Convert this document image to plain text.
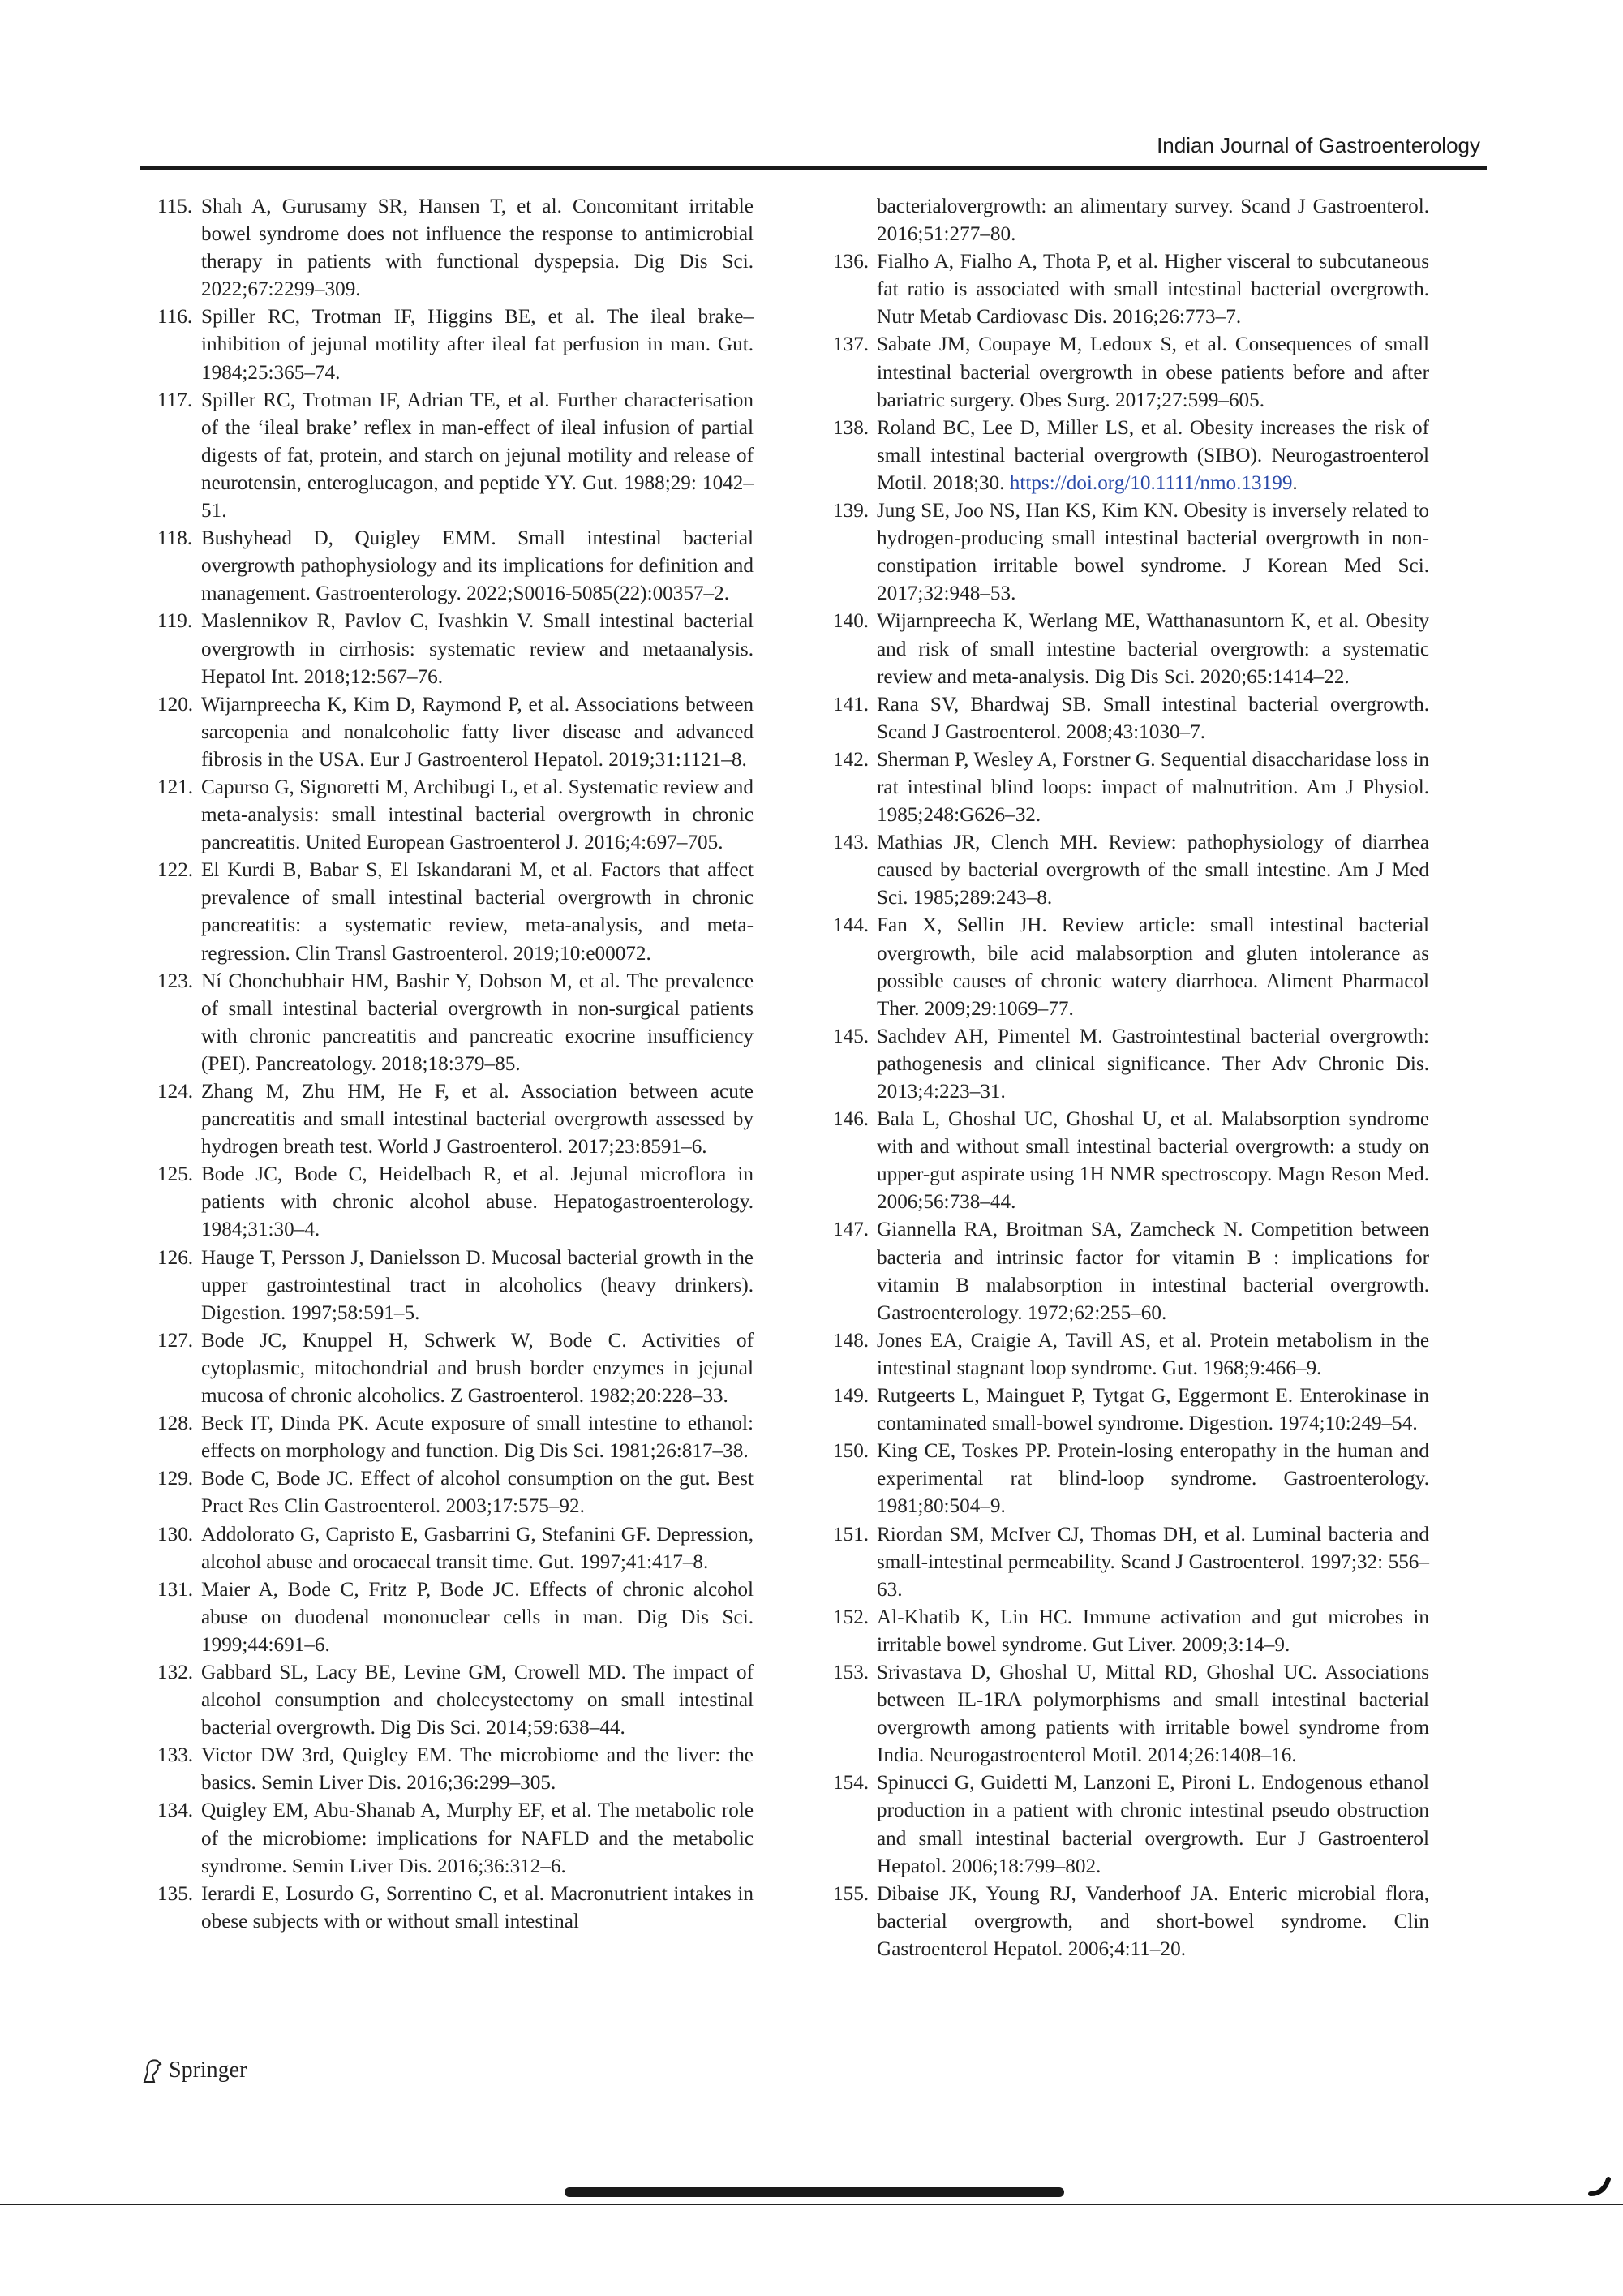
Indian Journal of Gastroenterology
115. Shah A, Gurusamy SR, Hansen T, et al. Concomitant irritable bowel syndrome does not influence the response to antimicrobial therapy in patients with functional dyspepsia. Dig Dis Sci. 2022;67:2299–309.
116. Spiller RC, Trotman IF, Higgins BE, et al. The ileal brake–inhibition of jejunal motility after ileal fat perfusion in man. Gut. 1984;25:365–74.
117. Spiller RC, Trotman IF, Adrian TE, et al. Further characterisation of the ‘ileal brake’ reflex in man-effect of ileal infusion of partial digests of fat, protein, and starch on jejunal motility and release of neurotensin, enteroglucagon, and peptide YY. Gut. 1988;29: 1042–51.
118. Bushyhead D, Quigley EMM. Small intestinal bacterial overgrowth pathophysiology and its implications for definition and management. Gastroenterology. 2022;S0016-5085(22):00357–2.
119. Maslennikov R, Pavlov C, Ivashkin V. Small intestinal bacterial overgrowth in cirrhosis: systematic review and metaanalysis. Hepatol Int. 2018;12:567–76.
120. Wijarnpreecha K, Kim D, Raymond P, et al. Associations between sarcopenia and nonalcoholic fatty liver disease and advanced fibrosis in the USA. Eur J Gastroenterol Hepatol. 2019;31:1121–8.
121. Capurso G, Signoretti M, Archibugi L, et al. Systematic review and meta-analysis: small intestinal bacterial overgrowth in chronic pancreatitis. United European Gastroenterol J. 2016;4:697–705.
122. El Kurdi B, Babar S, El Iskandarani M, et al. Factors that affect prevalence of small intestinal bacterial overgrowth in chronic pancreatitis: a systematic review, meta-analysis, and meta-regression. Clin Transl Gastroenterol. 2019;10:e00072.
123. Ní Chonchubhair HM, Bashir Y, Dobson M, et al. The prevalence of small intestinal bacterial overgrowth in non-surgical patients with chronic pancreatitis and pancreatic exocrine insufficiency (PEI). Pancreatology. 2018;18:379–85.
124. Zhang M, Zhu HM, He F, et al. Association between acute pancreatitis and small intestinal bacterial overgrowth assessed by hydrogen breath test. World J Gastroenterol. 2017;23:8591–6.
125. Bode JC, Bode C, Heidelbach R, et al. Jejunal microflora in patients with chronic alcohol abuse. Hepatogastroenterology. 1984;31:30–4.
126. Hauge T, Persson J, Danielsson D. Mucosal bacterial growth in the upper gastrointestinal tract in alcoholics (heavy drinkers). Digestion. 1997;58:591–5.
127. Bode JC, Knuppel H, Schwerk W, Bode C. Activities of cytoplasmic, mitochondrial and brush border enzymes in jejunal mucosa of chronic alcoholics. Z Gastroenterol. 1982;20:228–33.
128. Beck IT, Dinda PK. Acute exposure of small intestine to ethanol: effects on morphology and function. Dig Dis Sci. 1981;26:817–38.
129. Bode C, Bode JC. Effect of alcohol consumption on the gut. Best Pract Res Clin Gastroenterol. 2003;17:575–92.
130. Addolorato G, Capristo E, Gasbarrini G, Stefanini GF. Depression, alcohol abuse and orocaecal transit time. Gut. 1997;41:417–8.
131. Maier A, Bode C, Fritz P, Bode JC. Effects of chronic alcohol abuse on duodenal mononuclear cells in man. Dig Dis Sci. 1999;44:691–6.
132. Gabbard SL, Lacy BE, Levine GM, Crowell MD. The impact of alcohol consumption and cholecystectomy on small intestinal bacterial overgrowth. Dig Dis Sci. 2014;59:638–44.
133. Victor DW 3rd, Quigley EM. The microbiome and the liver: the basics. Semin Liver Dis. 2016;36:299–305.
134. Quigley EM, Abu-Shanab A, Murphy EF, et al. The metabolic role of the microbiome: implications for NAFLD and the metabolic syndrome. Semin Liver Dis. 2016;36:312–6.
135. Ierardi E, Losurdo G, Sorrentino C, et al. Macronutrient intakes in obese subjects with or without small intestinal
bacterialovergrowth: an alimentary survey. Scand J Gastroenterol. 2016;51:277–80.
136. Fialho A, Fialho A, Thota P, et al. Higher visceral to subcutaneous fat ratio is associated with small intestinal bacterial overgrowth. Nutr Metab Cardiovasc Dis. 2016;26:773–7.
137. Sabate JM, Coupaye M, Ledoux S, et al. Consequences of small intestinal bacterial overgrowth in obese patients before and after bariatric surgery. Obes Surg. 2017;27:599–605.
138. Roland BC, Lee D, Miller LS, et al. Obesity increases the risk of small intestinal bacterial overgrowth (SIBO). Neurogastroenterol Motil. 2018;30. https://doi.org/10.1111/nmo.13199.
139. Jung SE, Joo NS, Han KS, Kim KN. Obesity is inversely related to hydrogen-producing small intestinal bacterial overgrowth in non-constipation irritable bowel syndrome. J Korean Med Sci. 2017;32:948–53.
140. Wijarnpreecha K, Werlang ME, Watthanasuntorn K, et al. Obesity and risk of small intestine bacterial overgrowth: a systematic review and meta-analysis. Dig Dis Sci. 2020;65:1414–22.
141. Rana SV, Bhardwaj SB. Small intestinal bacterial overgrowth. Scand J Gastroenterol. 2008;43:1030–7.
142. Sherman P, Wesley A, Forstner G. Sequential disaccharidase loss in rat intestinal blind loops: impact of malnutrition. Am J Physiol. 1985;248:G626–32.
143. Mathias JR, Clench MH. Review: pathophysiology of diarrhea caused by bacterial overgrowth of the small intestine. Am J Med Sci. 1985;289:243–8.
144. Fan X, Sellin JH. Review article: small intestinal bacterial overgrowth, bile acid malabsorption and gluten intolerance as possible causes of chronic watery diarrhoea. Aliment Pharmacol Ther. 2009;29:1069–77.
145. Sachdev AH, Pimentel M. Gastrointestinal bacterial overgrowth: pathogenesis and clinical significance. Ther Adv Chronic Dis. 2013;4:223–31.
146. Bala L, Ghoshal UC, Ghoshal U, et al. Malabsorption syndrome with and without small intestinal bacterial overgrowth: a study on upper-gut aspirate using 1H NMR spectroscopy. Magn Reson Med. 2006;56:738–44.
147. Giannella RA, Broitman SA, Zamcheck N. Competition between bacteria and intrinsic factor for vitamin B : implications for vitamin B malabsorption in intestinal bacterial overgrowth. Gastroenterology. 1972;62:255–60.
148. Jones EA, Craigie A, Tavill AS, et al. Protein metabolism in the intestinal stagnant loop syndrome. Gut. 1968;9:466–9.
149. Rutgeerts L, Mainguet P, Tytgat G, Eggermont E. Enterokinase in contaminated small-bowel syndrome. Digestion. 1974;10:249–54.
150. King CE, Toskes PP. Protein-losing enteropathy in the human and experimental rat blind-loop syndrome. Gastroenterology. 1981;80:504–9.
151. Riordan SM, McIver CJ, Thomas DH, et al. Luminal bacteria and small-intestinal permeability. Scand J Gastroenterol. 1997;32: 556–63.
152. Al-Khatib K, Lin HC. Immune activation and gut microbes in irritable bowel syndrome. Gut Liver. 2009;3:14–9.
153. Srivastava D, Ghoshal U, Mittal RD, Ghoshal UC. Associations between IL-1RA polymorphisms and small intestinal bacterial overgrowth among patients with irritable bowel syndrome from India. Neurogastroenterol Motil. 2014;26:1408–16.
154. Spinucci G, Guidetti M, Lanzoni E, Pironi L. Endogenous ethanol production in a patient with chronic intestinal pseudo obstruction and small intestinal bacterial overgrowth. Eur J Gastroenterol Hepatol. 2006;18:799–802.
155. Dibaise JK, Young RJ, Vanderhoof JA. Enteric microbial flora, bacterial overgrowth, and short-bowel syndrome. Clin Gastroenterol Hepatol. 2006;4:11–20.
Springer
